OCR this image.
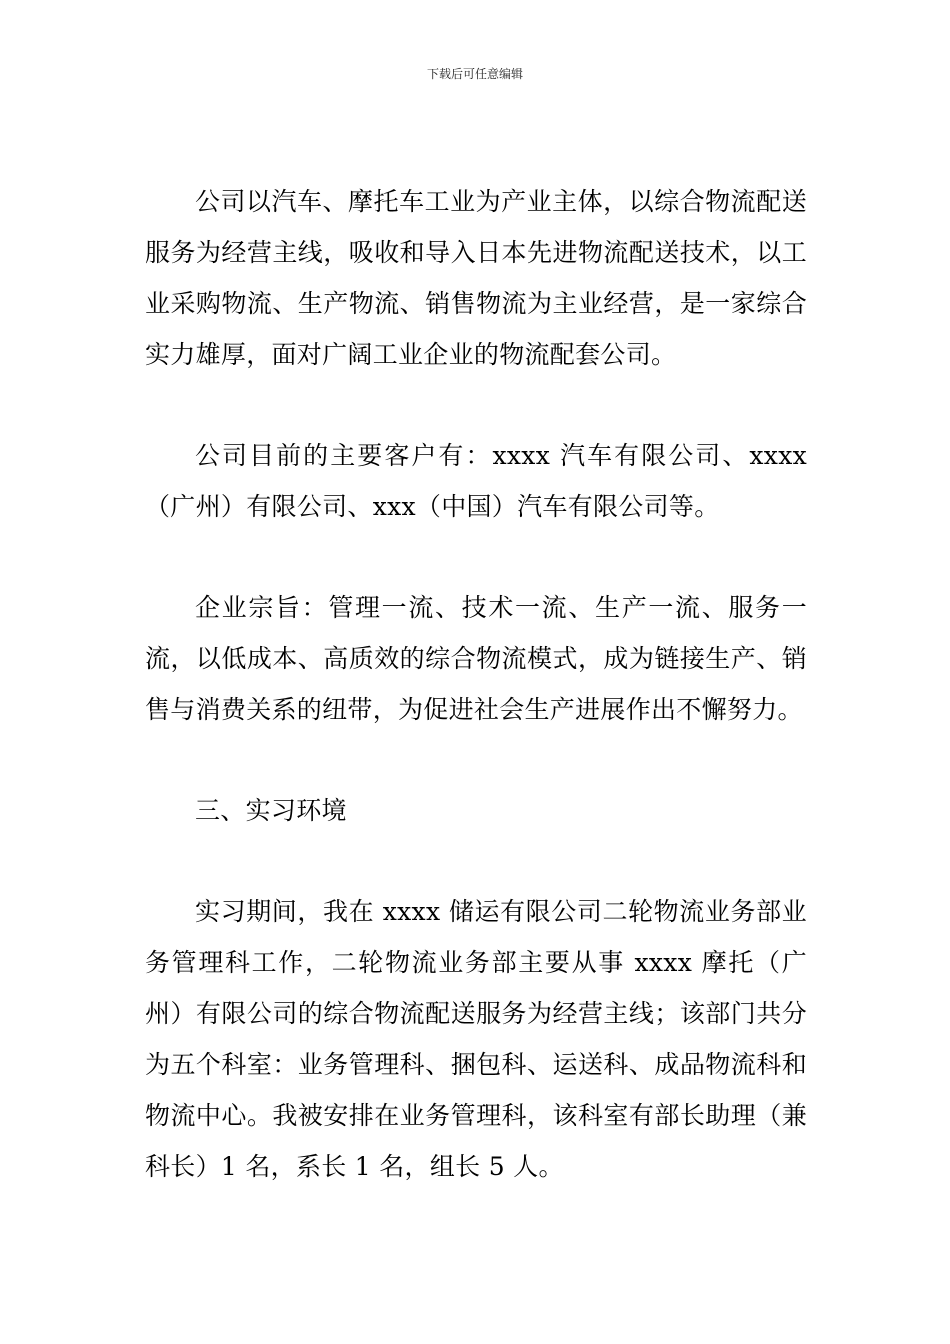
下载后可任意编辑

公司以汽车、摩托车工业为产业主体，以综合物流配送服务为经营主线，吸收和导入日本先进物流配送技术，以工业采购物流、生产物流、销售物流为主业经营，是一家综合实力雄厚，面对广阔工业企业的物流配套公司。

公司目前的主要客户有：xxxx 汽车有限公司、xxxx（广州）有限公司、xxx（中国）汽车有限公司等。

企业宗旨：管理一流、技术一流、生产一流、服务一流，以低成本、高质效的综合物流模式，成为链接生产、销售与消费关系的纽带，为促进社会生产进展作出不懈努力。

三、实习环境

实习期间，我在 xxxx 储运有限公司二轮物流业务部业务管理科工作，二轮物流业务部主要从事 xxxx 摩托（广州）有限公司的综合物流配送服务为经营主线；该部门共分为五个科室：业务管理科、捆包科、运送科、成品物流科和物流中心。我被安排在业务管理科，该科室有部长助理（兼科长）1 名，系长 1 名，组长 5 人。
